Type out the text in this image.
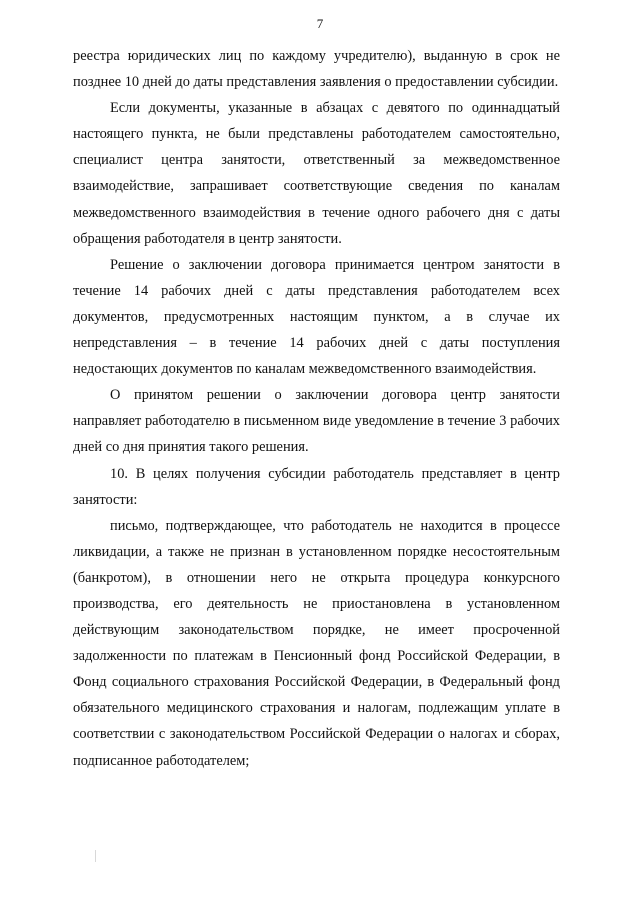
7

реестра юридических лиц по каждому учредителю), выданную в срок не позднее 10 дней до даты представления заявления о предоставлении субсидии.

Если документы, указанные в абзацах с девятого по одиннадцатый настоящего пункта, не были представлены работодателем самостоятельно, специалист центра занятости, ответственный за межведомственное взаимодействие, запрашивает соответствующие сведения по каналам межведомственного взаимодействия в течение одного рабочего дня с даты обращения работодателя в центр занятости.

Решение о заключении договора принимается центром занятости в течение 14 рабочих дней с даты представления работодателем всех документов, предусмотренных настоящим пунктом, а в случае их непредставления – в течение 14 рабочих дней с даты поступления недостающих документов по каналам межведомственного взаимодействия.

О принятом решении о заключении договора центр занятости направляет работодателю в письменном виде уведомление в течение 3 рабочих дней со дня принятия такого решения.

10. В целях получения субсидии работодатель представляет в центр занятости:

письмо, подтверждающее, что работодатель не находится в процессе ликвидации, а также не признан в установленном порядке несостоятельным (банкротом), в отношении него не открыта процедура конкурсного производства, его деятельность не приостановлена в установленном действующим законодательством порядке, не имеет просроченной задолженности по платежам в Пенсионный фонд Российской Федерации, в Фонд социального страхования Российской Федерации, в Федеральный фонд обязательного медицинского страхования и налогам, подлежащим уплате в соответствии с законодательством Российской Федерации о налогах и сборах, подписанное работодателем;
